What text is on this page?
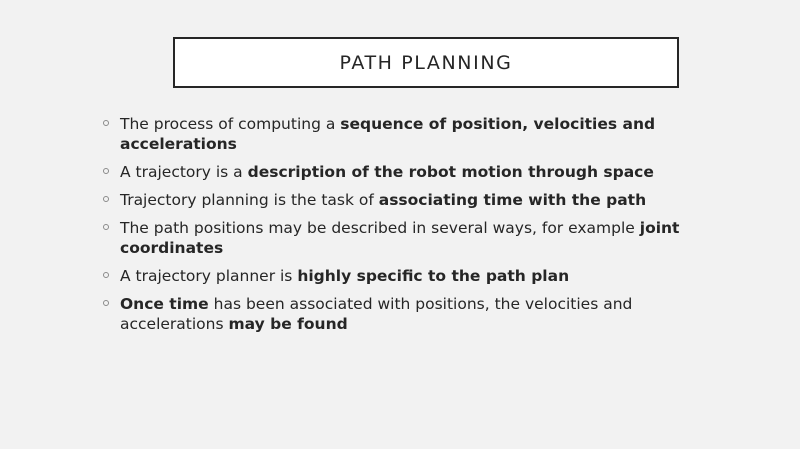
PATH PLANNING
The process of computing a sequence of position, velocities and accelerations
A trajectory is a description of the robot motion through space
Trajectory planning is the task of associating time with the path
The path positions may be described in several ways, for example joint coordinates
A trajectory planner is highly specific to the path plan
Once time has been associated with positions, the velocities and accelerations may be found
